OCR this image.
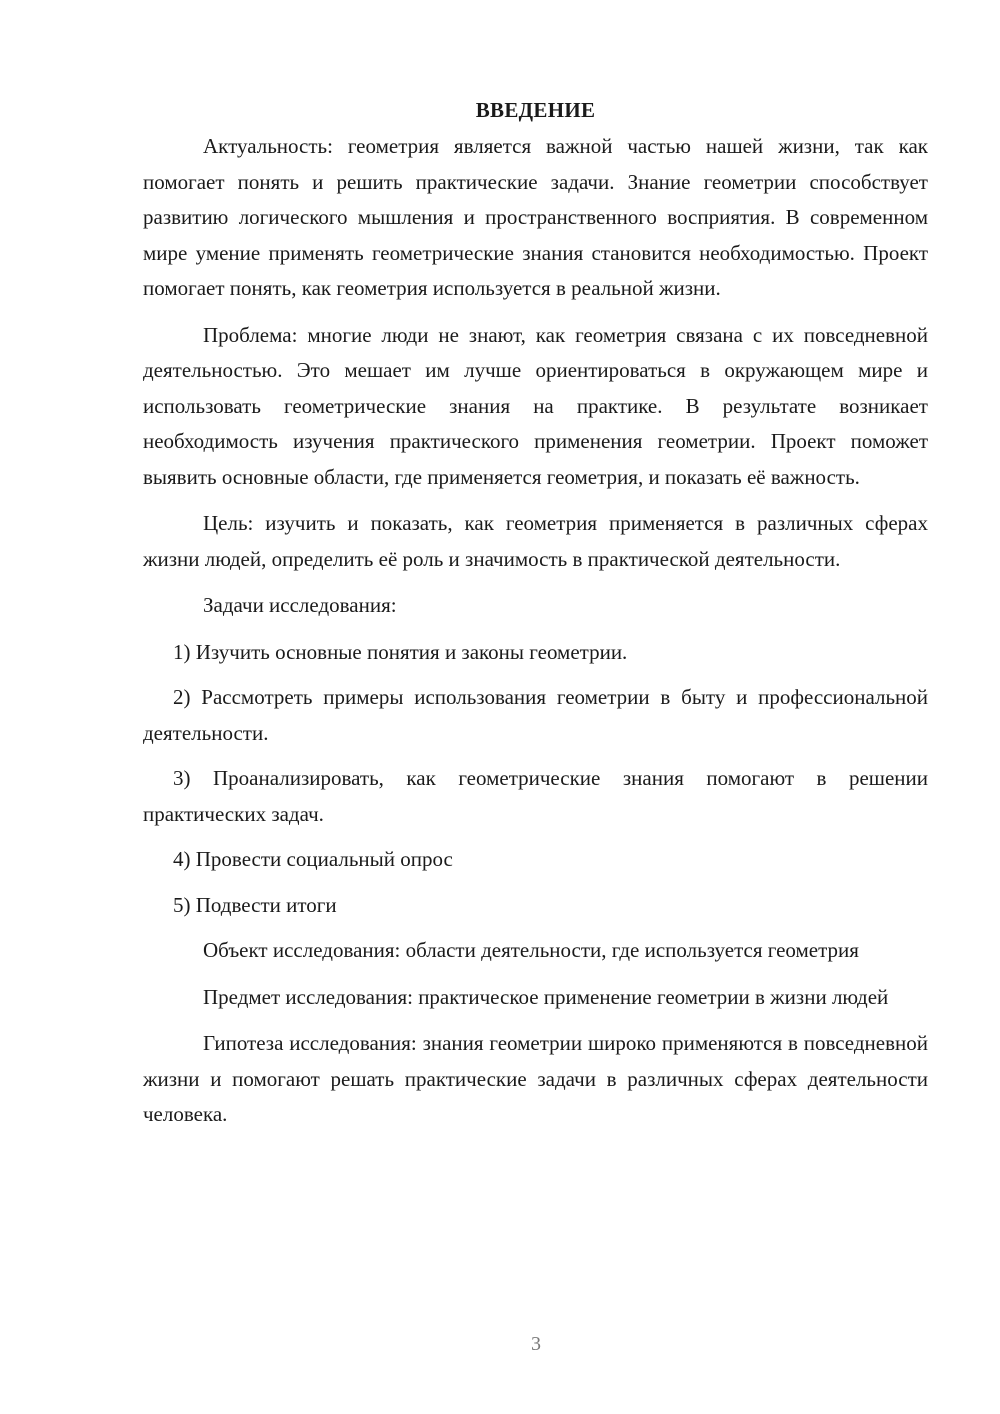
ВВЕДЕНИЕ

Актуальность: геометрия является важной частью нашей жизни, так как помогает понять и решить практические задачи. Знание геометрии способствует развитию логического мышления и пространственного восприятия. В современном мире умение применять геометрические знания становится необходимостью. Проект помогает понять, как геометрия используется в реальной жизни.

Проблема: многие люди не знают, как геометрия связана с их повседневной деятельностью. Это мешает им лучше ориентироваться в окружающем мире и использовать геометрические знания на практике. В результате возникает необходимость изучения практического применения геометрии. Проект поможет выявить основные области, где применяется геометрия, и показать её важность.

Цель: изучить и показать, как геометрия применяется в различных сферах жизни людей, определить её роль и значимость в практической деятельности.

Задачи исследования:

1) Изучить основные понятия и законы геометрии.

2) Рассмотреть примеры использования геометрии в быту и профессиональной деятельности.

3) Проанализировать, как геометрические знания помогают в решении практических задач.

4) Провести социальный опрос

5) Подвести итоги

Объект исследования: области деятельности, где используется геометрия

Предмет исследования: практическое применение геометрии в жизни людей

Гипотеза исследования: знания геометрии широко применяются в повседневной жизни и помогают решать практические задачи в различных сферах деятельности человека.

3
